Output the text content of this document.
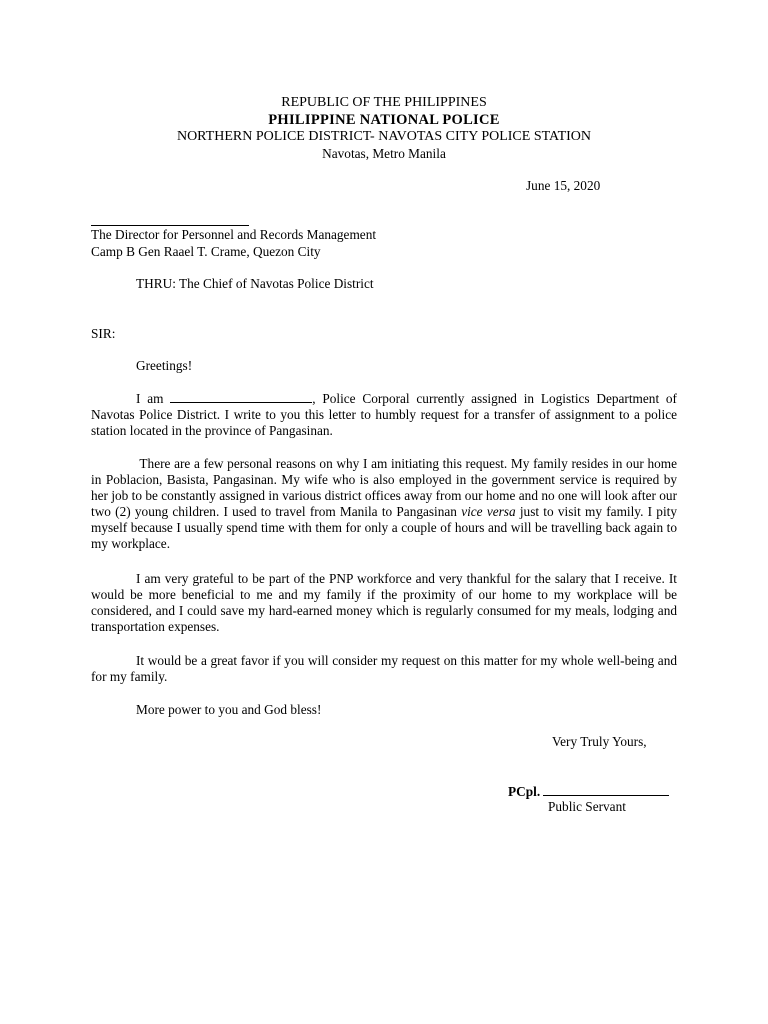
REPUBLIC OF THE PHILIPPINES
PHILIPPINE NATIONAL POLICE
NORTHERN POLICE DISTRICT- NAVOTAS CITY POLICE STATION
Navotas, Metro Manila
June 15, 2020
The Director for Personnel and Records Management
Camp B Gen Raael T. Crame, Quezon City
THRU: The Chief of Navotas Police District
SIR:
Greetings!
I am	, Police Corporal currently assigned in Logistics Department of Navotas Police District. I write to you this letter to humbly request for a transfer of assignment to a police station located in the province of Pangasinan.
There are a few personal reasons on why I am initiating this request. My family resides in our home in Poblacion, Basista, Pangasinan. My wife who is also employed in the government service is required by her job to be constantly assigned in various district offices away from our home and no one will look after our two (2) young children. I used to travel from Manila to Pangasinan vice versa just to visit my family. I pity myself because I usually spend time with them for only a couple of hours and will be travelling back again to my workplace.
I am very grateful to be part of the PNP workforce and very thankful for the salary that I receive. It would be more beneficial to me and my family if the proximity of our home to my workplace will be considered, and I could save my hard-earned money which is regularly consumed for my meals, lodging and transportation expenses.
It would be a great favor if you will consider my request on this matter for my whole well-being and for my family.
More power to you and God bless!
Very Truly Yours,
PCpl.
Public Servant
